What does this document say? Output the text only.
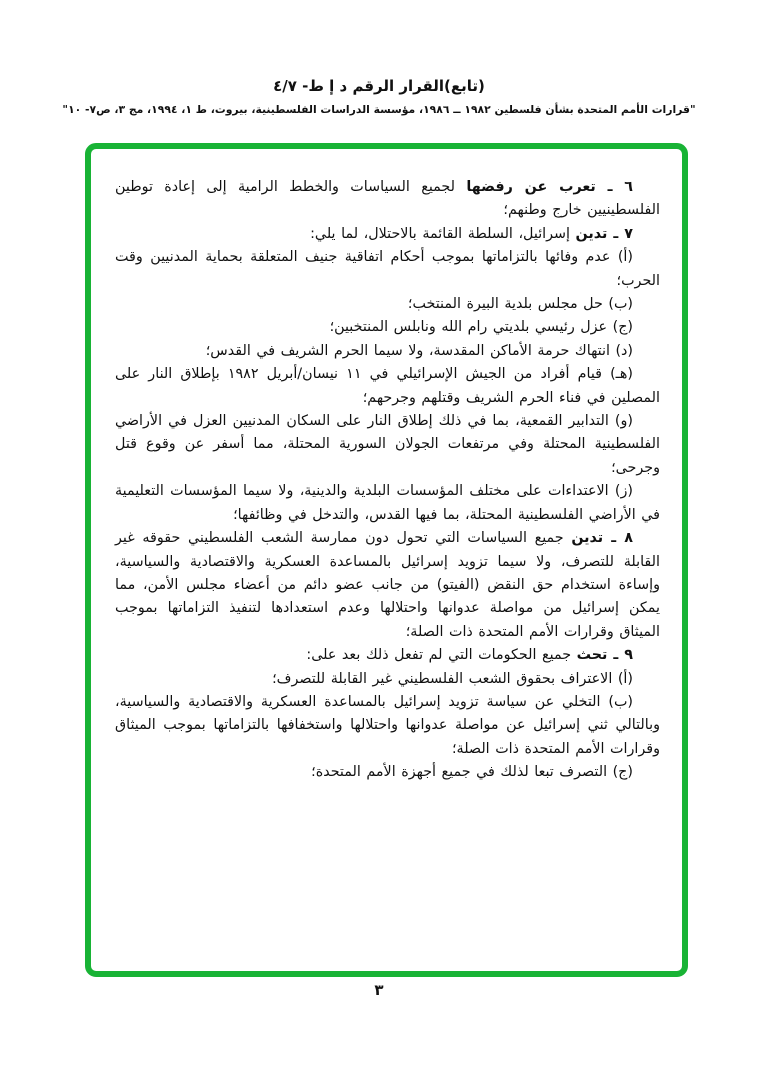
(تابع)القرار الرقم د إ ط- ٤/٧
"قرارات الأمم المتحدة بشأن فلسطين ١٩٨٢ ــ ١٩٨٦، مؤسسة الدراسات الفلسطينية، بيروت، ط ١، ١٩٩٤، مج ٣، ص٧- ١٠"

٦ ـ تعرب عن رفضها لجميع السياسات والخطط الرامية إلى إعادة توطين الفلسطينيين خارج وطنهم؛

٧ ـ تدين إسرائيل، السلطة القائمة بالاحتلال، لما يلي:

(أ) عدم وفائها بالتزاماتها بموجب أحكام اتفاقية جنيف المتعلقة بحماية المدنيين وقت الحرب؛

(ب) حل مجلس بلدية البيرة المنتخب؛

(ج) عزل رئيسي بلديتي رام الله ونابلس المنتخبين؛

(د) انتهاك حرمة الأماكن المقدسة، ولا سيما الحرم الشريف في القدس؛

(هـ) قيام أفراد من الجيش الإسرائيلي في ١١ نيسان/أبريل ١٩٨٢ بإطلاق النار على المصلين في فناء الحرم الشريف وقتلهم وجرحهم؛

(و) التدابير القمعية، بما في ذلك إطلاق النار على السكان المدنيين العزل في الأراضي الفلسطينية المحتلة وفي مرتفعات الجولان السورية المحتلة، مما أسفر عن وقوع قتل وجرحى؛

(ز) الاعتداءات على مختلف المؤسسات البلدية والدينية، ولا سيما المؤسسات التعليمية في الأراضي الفلسطينية المحتلة، بما فيها القدس، والتدخل في وظائفها؛

٨ ـ تدين جميع السياسات التي تحول دون ممارسة الشعب الفلسطيني حقوقه غير القابلة للتصرف، ولا سيما تزويد إسرائيل بالمساعدة العسكرية والاقتصادية والسياسية، وإساءة استخدام حق النقض (الفيتو) من جانب عضو دائم من أعضاء مجلس الأمن، مما يمكن إسرائيل من مواصلة عدوانها واحتلالها وعدم استعدادها لتنفيذ التزاماتها بموجب الميثاق وقرارات الأمم المتحدة ذات الصلة؛

٩ ـ تحث جميع الحكومات التي لم تفعل ذلك بعد على:

(أ) الاعتراف بحقوق الشعب الفلسطيني غير القابلة للتصرف؛

(ب) التخلي عن سياسة تزويد إسرائيل بالمساعدة العسكرية والاقتصادية والسياسية، وبالتالي ثني إسرائيل عن مواصلة عدوانها واحتلالها واستخفافها بالتزاماتها بموجب الميثاق وقرارات الأمم المتحدة ذات الصلة؛

(ج) التصرف تبعا لذلك في جميع أجهزة الأمم المتحدة؛

٣
